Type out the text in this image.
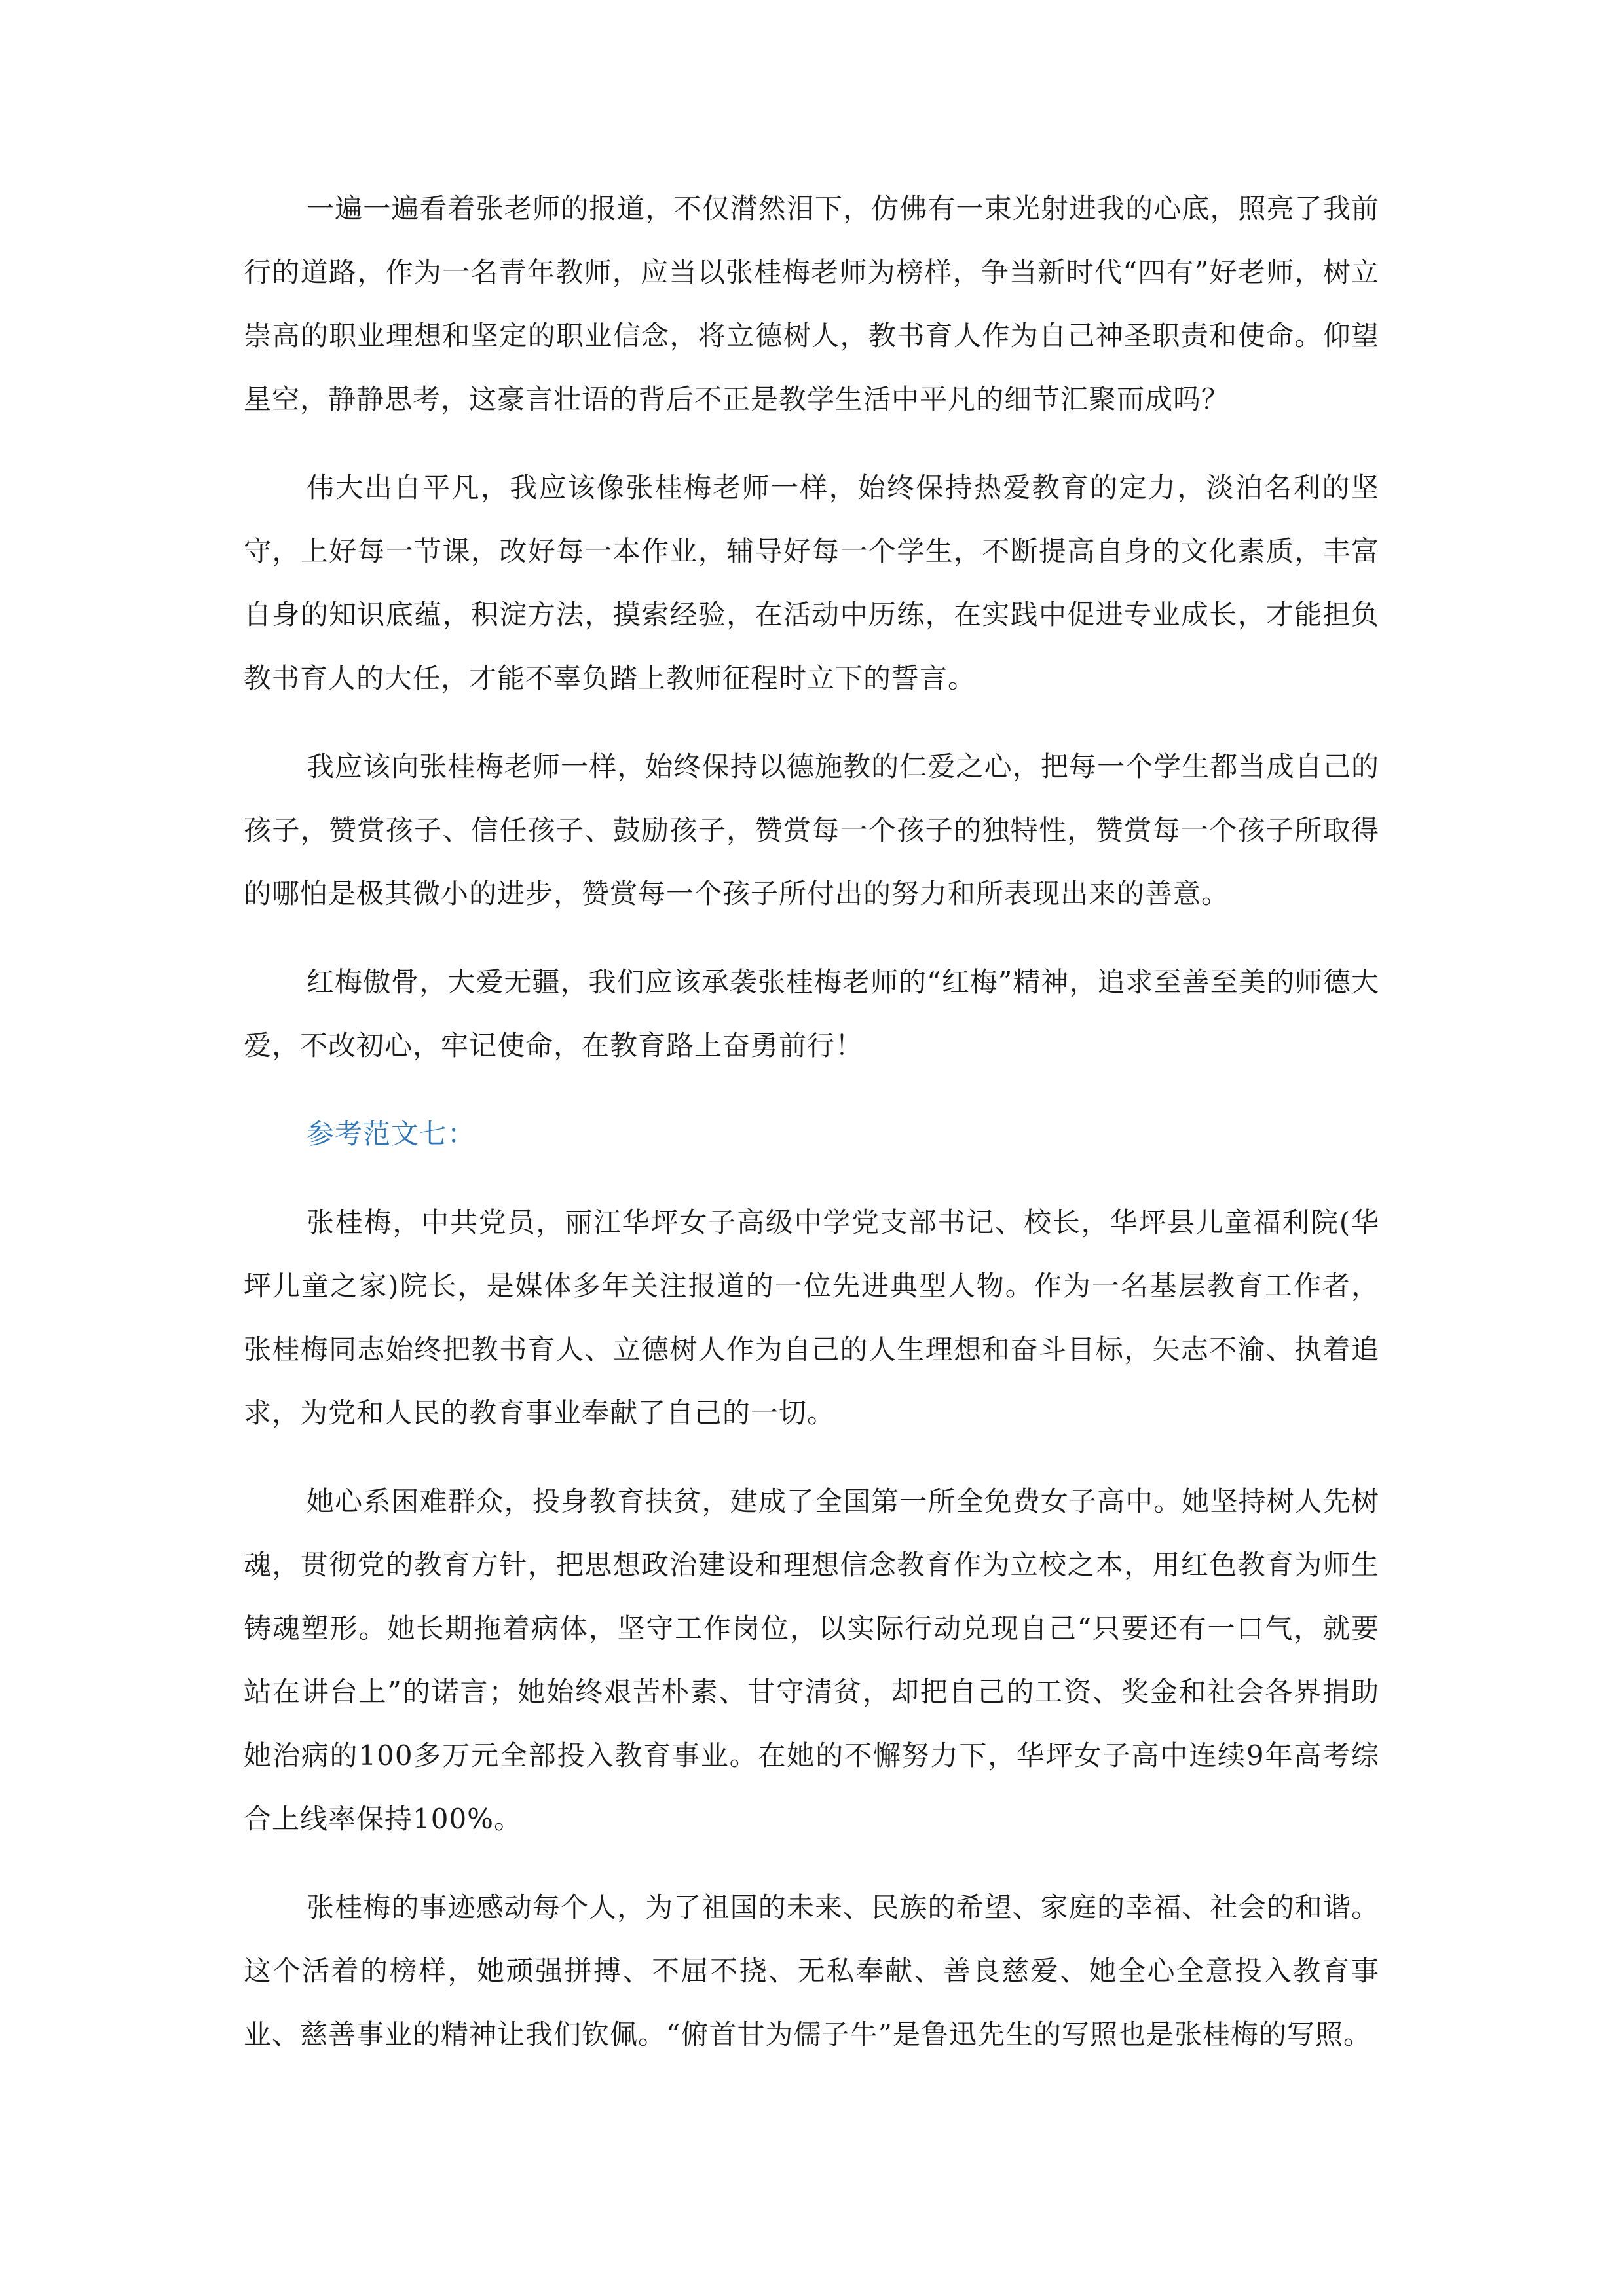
一遍一遍看着张老师的报道，不仅潸然泪下，仿佛有一束光射进我的心底，照亮了我前行的道路，作为一名青年教师，应当以张桂梅老师为榜样，争当新时代“四有”好老师，树立崇高的职业理想和坚定的职业信念，将立德树人，教书育人作为自己神圣职责和使命。仰望星空，静静思考，这豪言壮语的背后不正是教学生活中平凡的细节汇聚而成吗？

伟大出自平凡，我应该像张桂梅老师一样，始终保持热爱教育的定力，淡泊名利的坚守，上好每一节课，改好每一本作业，辅导好每一个学生，不断提高自身的文化素质，丰富自身的知识底蕴，积淀方法，摸索经验，在活动中历练，在实践中促进专业成长，才能担负教书育人的大任，才能不辜负踏上教师征程时立下的誓言。

我应该向张桂梅老师一样，始终保持以德施教的仁爱之心，把每一个学生都当成自己的孩子，赞赏孩子、信任孩子、鼓励孩子，赞赏每一个孩子的独特性，赞赏每一个孩子所取得的哪怕是极其微小的进步，赞赏每一个孩子所付出的努力和所表现出来的善意。

红梅傲骨，大爱无疆，我们应该承袭张桂梅老师的“红梅”精神，追求至善至美的师德大爱，不改初心，牢记使命，在教育路上奋勇前行！

参考范文七：

张桂梅，中共党员，丽江华坪女子高级中学党支部书记、校长，华坪县儿童福利院(华坪儿童之家)院长，是媒体多年关注报道的一位先进典型人物。作为一名基层教育工作者，张桂梅同志始终把教书育人、立德树人作为自己的人生理想和奋斗目标，矢志不渝、执着追求，为党和人民的教育事业奉献了自己的一切。

她心系困难群众，投身教育扶贫，建成了全国第一所全免费女子高中。她坚持树人先树魂，贯彻党的教育方针，把思想政治建设和理想信念教育作为立校之本，用红色教育为师生铸魂塑形。她长期拖着病体，坚守工作岗位，以实际行动兑现自己“只要还有一口气，就要站在讲台上”的诺言；她始终艰苦朴素、甘守清贫，却把自己的工资、奖金和社会各界捐助她治病的100多万元全部投入教育事业。在她的不懈努力下，华坪女子高中连续9年高考综合上线率保持100%。

张桂梅的事迹感动每个人，为了祖国的未来、民族的希望、家庭的幸福、社会的和谐。这个活着的榜样，她顽强拼搏、不屈不挠、无私奉献、善良慈爱、她全心全意投入教育事业、慈善事业的精神让我们钦佩。“俯首甘为儒子牛”是鲁迅先生的写照也是张桂梅的写照。
